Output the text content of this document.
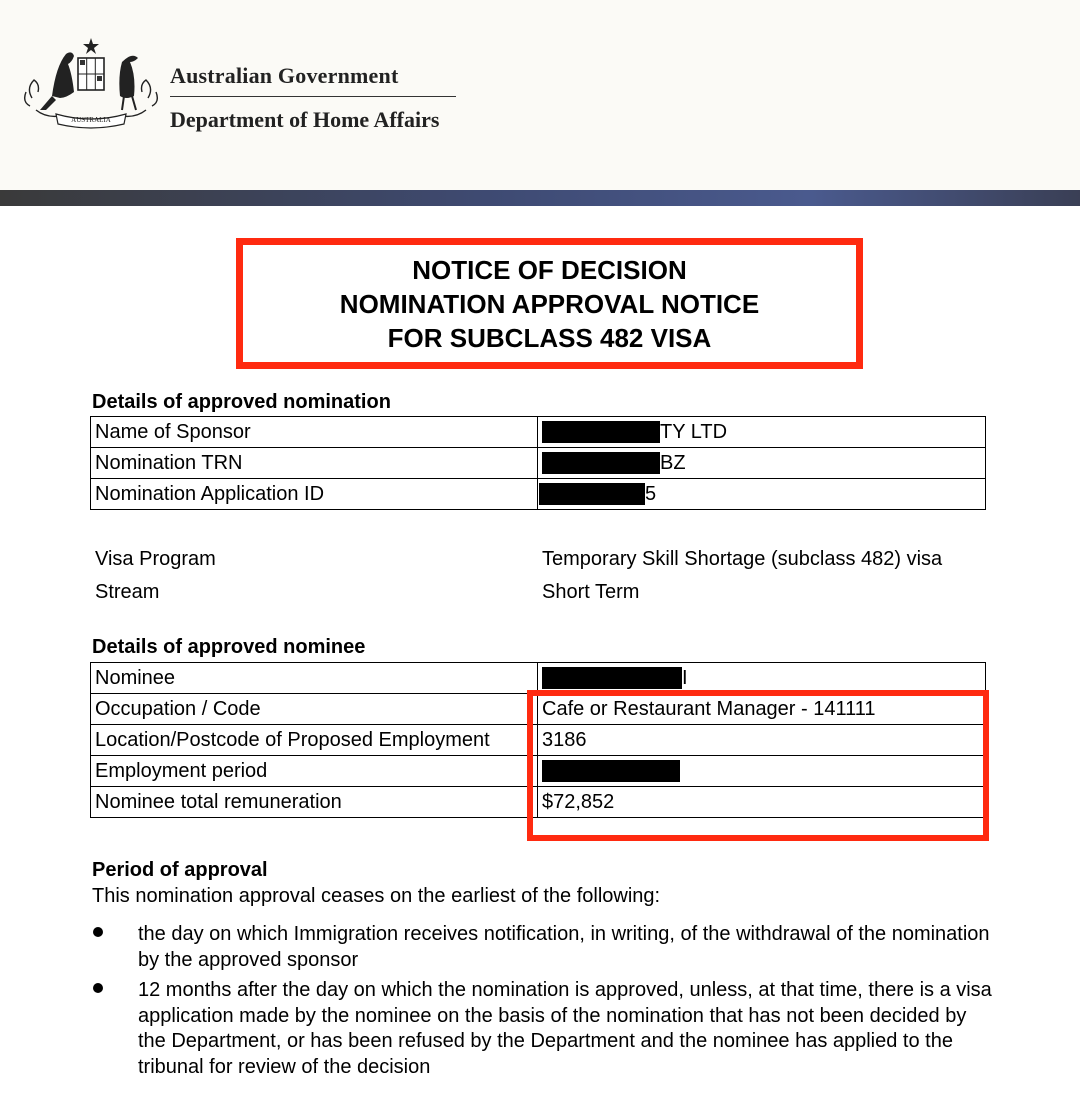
AUSTRALIA
Australian Government
Department of Home Affairs
NOTICE OF DECISION
NOMINATION APPROVAL NOTICE
FOR SUBCLASS 482 VISA
Details of approved nomination
Name of Sponsor	TY LTD
Nomination TRN	BZ
Nomination Application ID	5
Visa Program	Temporary Skill Shortage (subclass 482) visa
Stream	Short Term
Details of approved nominee
Nominee	I
Occupation / Code	Cafe or Restaurant Manager - 141111
Location/Postcode of Proposed Employment	3186
Employment period	
Nominee total remuneration	$72,852
Period of approval
This nomination approval ceases on the earliest of the following:
the day on which Immigration receives notification, in writing, of the withdrawal of the nomination by the approved sponsor
12 months after the day on which the nomination is approved, unless, at that time, there is a visa application made by the nominee on the basis of the nomination that has not been decided by the Department, or has been refused by the Department and the nominee has applied to the tribunal for review of the decision
